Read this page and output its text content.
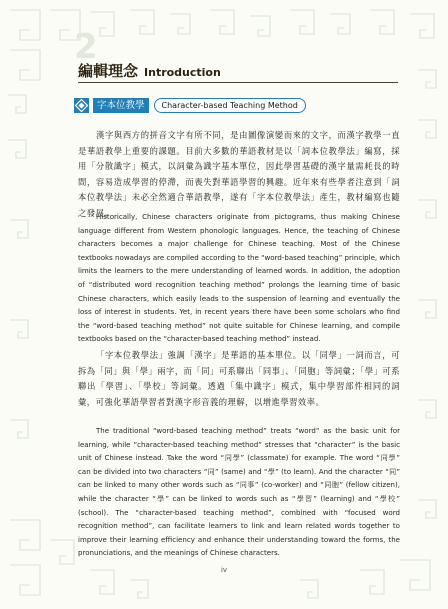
2
編輯理念 Introduction
字本位教學	Character-based Teaching Method

漢字與西方的拼音文字有所不同，是由圖像演變而來的文字，而漢字教學一直是華語教學上重要的課題。目前大多數的華語教材是以「詞本位教學法」編寫，採用「分散識字」模式，以詞彙為識字基本單位，因此學習基礎的漢字量需耗長的時間，容易造成學習的停滯，而喪失對華語學習的興趣。近年來有些學者注意到「詞本位教學法」未必全然適合華語教學，遂有「字本位教學法」產生，教材編寫也隨之發展。

Historically, Chinese characters originate from pictograms, thus making Chinese language different from Western phonologic languages. Hence, the teaching of Chinese characters becomes a major challenge for Chinese teaching. Most of the Chinese textbooks nowadays are compiled according to the “word-based teaching” principle, which limits the learners to the mere understanding of learned words. In addition, the adoption of “distributed word recognition teaching method” prolongs the learning time of basic Chinese characters, which easily leads to the suspension of learning and eventually the loss of interest in students. Yet, in recent years there have been some scholars who find the “word-based teaching method” not quite suitable for Chinese learning, and compile textbooks based on the “character-based teaching method” instead.

「字本位教學法」強調「漢字」是華語的基本單位。以「同學」一詞而言，可拆為「同」與「學」兩字，而「同」可系聯出「同事」、「同胞」等詞彙；「學」可系聯出「學習」、「學校」等詞彙。透過「集中識字」模式，集中學習部件相同的詞彙，可強化華語學習者對漢字形音義的理解，以增進學習效率。

The traditional “word-based teaching method” treats “word” as the basic unit for learning, while “character-based teaching method” stresses that “character” is the basic unit of Chinese instead. Take the word “同學” (classmate) for example. The word “同學” can be divided into two characters “同” (same) and “學” (to learn). And the character “同” can be linked to many other words such as “同事” (co-worker) and “同胞” (fellow citizen), while the character “學” can be linked to words such as “學習” (learning) and “學校” (school). The “character-based teaching method”, combined with “focused word recognition method”, can facilitate learners to link and learn related words together to improve their learning efficiency and enhance their understanding toward the forms, the pronunciations, and the meanings of Chinese characters.

iv
